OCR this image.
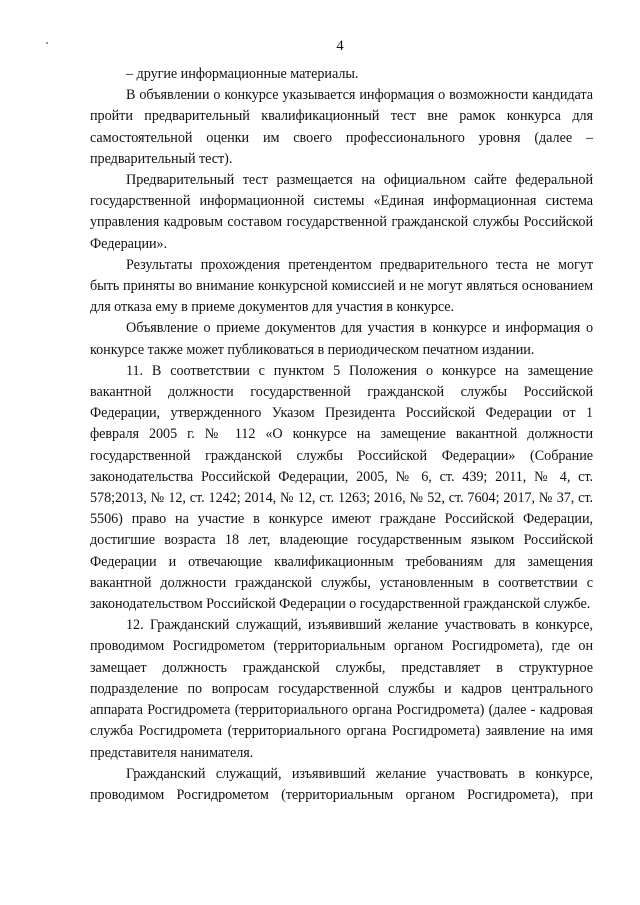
4

– другие информационные материалы.

В объявлении о конкурсе указывается информация о возможности кандидата пройти предварительный квалификационный тест вне рамок конкурса для самостоятельной оценки им своего профессионального уровня (далее – предварительный тест).

Предварительный тест размещается на официальном сайте федеральной государственной информационной системы «Единая информационная система управления кадровым составом государственной гражданской службы Российской Федерации».

Результаты прохождения претендентом предварительного теста не могут быть приняты во внимание конкурсной комиссией и не могут являться основанием для отказа ему в приеме документов для участия в конкурсе.

Объявление о приеме документов для участия в конкурсе и информация о конкурсе также может публиковаться в периодическом печатном издании.

11. В соответствии с пунктом 5 Положения о конкурсе на замещение вакантной должности государственной гражданской службы Российской Федерации, утвержденного Указом Президента Российской Федерации от 1 февраля 2005 г. № 112 «О конкурсе на замещение вакантной должности государственной гражданской службы Российской Федерации» (Собрание законодательства Российской Федерации, 2005, № 6, ст. 439; 2011, № 4, ст. 578;2013, № 12, ст. 1242; 2014, № 12, ст. 1263; 2016, № 52, ст. 7604; 2017, № 37, ст. 5506) право на участие в конкурсе имеют граждане Российской Федерации, достигшие возраста 18 лет, владеющие государственным языком Российской Федерации и отвечающие квалификационным требованиям для замещения вакантной должности гражданской службы, установленным в соответствии с законодательством Российской Федерации о государственной гражданской службе.

12. Гражданский служащий, изъявивший желание участвовать в конкурсе, проводимом Росгидрометом (территориальным органом Росгидромета), где он замещает должность гражданской службы, представляет в структурное подразделение по вопросам государственной службы и кадров центрального аппарата Росгидромета (территориального органа Росгидромета) (далее - кадровая служба Росгидромета (территориального органа Росгидромета) заявление на имя представителя нанимателя.

Гражданский служащий, изъявивший желание участвовать в конкурсе, проводимом Росгидрометом (территориальным органом Росгидромета), при
